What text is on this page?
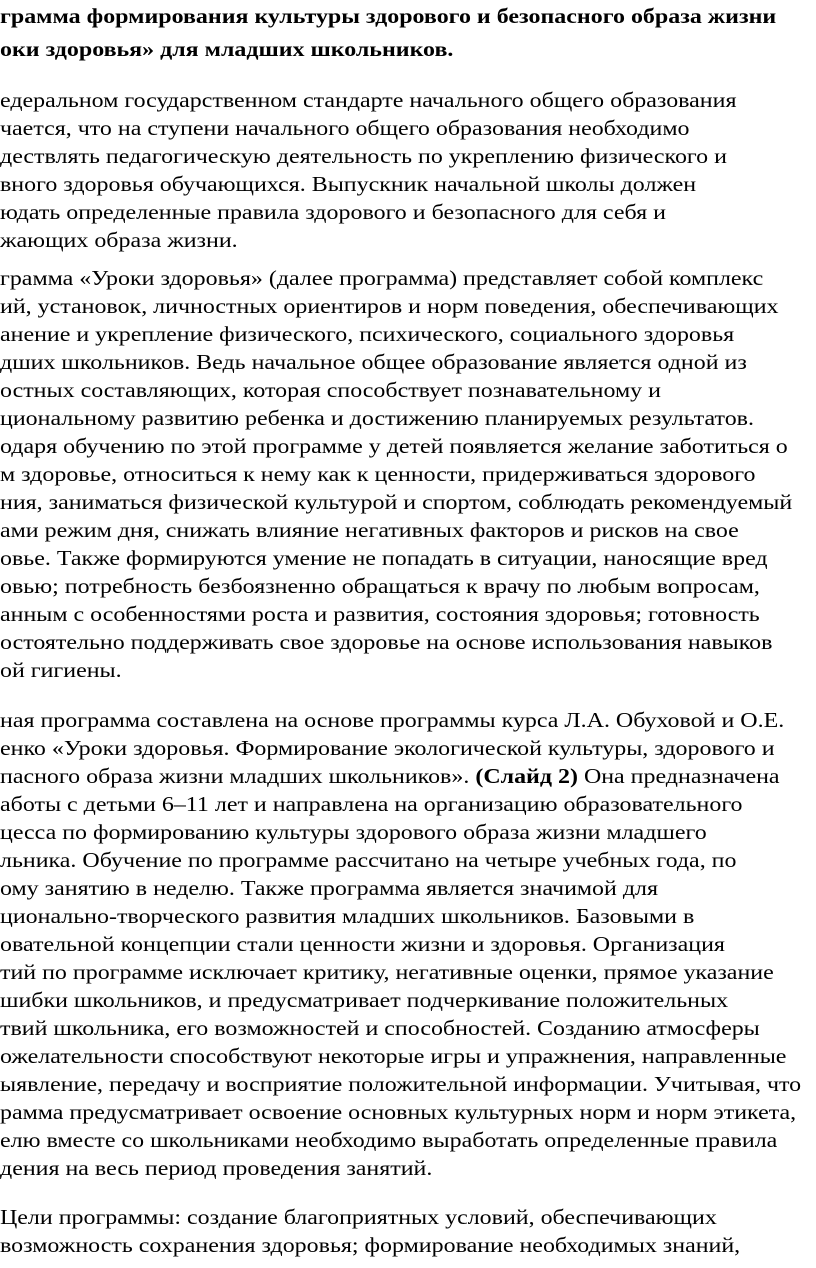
грамма формирования культуры здорового и безопасного образа жизни
оки здоровья» для младших школьников.
едеральном государственном стандарте начального общего образования
чается, что на ступени начального общего образования необходимо
дествлять педагогическую деятельность по укреплению физического и
вного здоровья обучающихся. Выпускник начальной школы должен
юдать определенные правила здорового и безопасного для себя и
жающих образа жизни.
грамма «Уроки здоровья» (далее программа) представляет собой комплекс
ий, установок, личностных ориентиров и норм поведения, обеспечивающих
анение и укрепление физического, психического, социального здоровья
дших школьников. Ведь начальное общее образование является одной из
остных составляющих, которая способствует познавательному и
циональному развитию ребенка и достижению планируемых результатов.
одаря обучению по этой программе у детей появляется желание заботиться о
м здоровье, относиться к нему как к ценности, придерживаться здорового
ния, заниматься физической культурой и спортом, соблюдать рекомендуемый
ами режим дня, снижать влияние негативных факторов и рисков на свое
овье. Также формируются умение не попадать в ситуации, наносящие вред
овью; потребность безбоязненно обращаться к врачу по любым вопросам,
анным с особенностями роста и развития, состояния здоровья; готовность
остоятельно поддерживать свое здоровье на основе использования навыков
ой гигиены.
ная программа составлена на основе программы курса Л.А. Обуховой и О.Е.
енко «Уроки здоровья. Формирование экологической культуры, здорового и
пасного образа жизни младших школьников». (Слайд 2) Она предназначена
аботы с детьми 6–11 лет и направлена на организацию образовательного
цесса по формированию культуры здорового образа жизни младшего
льника. Обучение по программе рассчитано на четыре учебных года, по
ому занятию в неделю. Также программа является значимой для
ционально-творческого развития младших школьников. Базовыми в
овательной концепции стали ценности жизни и здоровья. Организация
тий по программе исключает критику, негативные оценки, прямое указание
шибки школьников, и предусматривает подчеркивание положительных
твий школьника, его возможностей и способностей. Созданию атмосферы
ожелательности способствуют некоторые игры и упражнения, направленные
ыявление, передачу и восприятие положительной информации. Учитывая, что
рамма предусматривает освоение основных культурных норм и норм этикета,
елю вместе со школьниками необходимо выработать определенные правила
дения на весь период проведения занятий.
Цели программы: создание благоприятных условий, обеспечивающих
возможность сохранения здоровья; формирование необходимых знаний,
